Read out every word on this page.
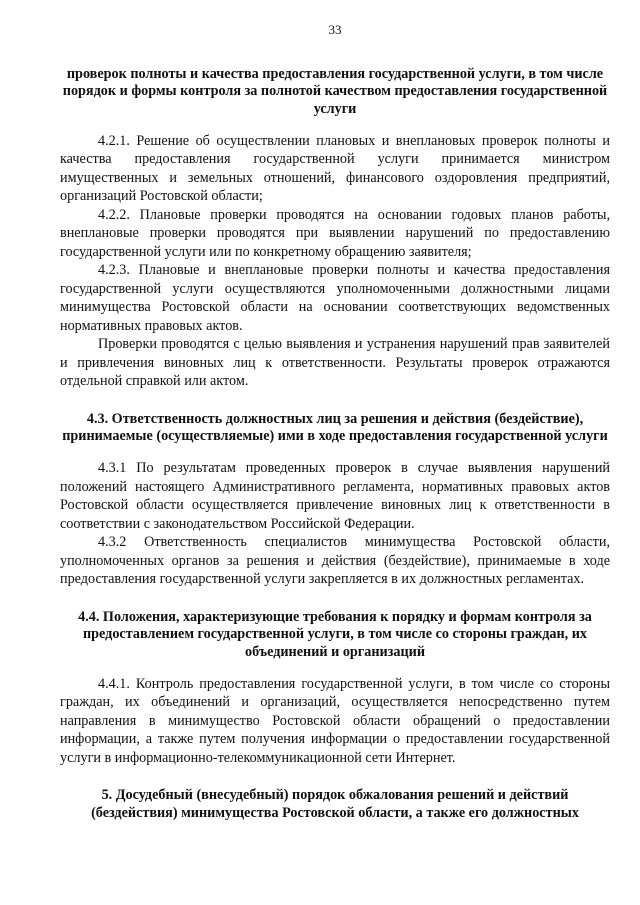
33

проверок полноты и качества предоставления государственной услуги, в том числе порядок и формы контроля за полнотой качеством предоставления государственной услуги

4.2.1. Решение об осуществлении плановых и внеплановых проверок полноты и качества предоставления государственной услуги принимается министром имущественных и земельных отношений, финансового оздоровления предприятий, организаций Ростовской области;

4.2.2. Плановые проверки проводятся на основании годовых планов работы, внеплановые проверки проводятся при выявлении нарушений по предоставлению государственной услуги или по конкретному обращению заявителя;

4.2.3. Плановые и внеплановые проверки полноты и качества предоставления государственной услуги осуществляются уполномоченными должностными лицами минимущества Ростовской области на основании соответствующих ведомственных нормативных правовых актов.

Проверки проводятся с целью выявления и устранения нарушений прав заявителей и привлечения виновных лиц к ответственности. Результаты проверок отражаются отдельной справкой или актом.

4.3. Ответственность должностных лиц за решения и действия (бездействие), принимаемые (осуществляемые) ими в ходе предоставления государственной услуги

4.3.1 По результатам проведенных проверок в случае выявления нарушений положений настоящего Административного регламента, нормативных правовых актов Ростовской области осуществляется привлечение виновных лиц к ответственности в соответствии с законодательством Российской Федерации.

4.3.2 Ответственность специалистов минимущества Ростовской области, уполномоченных органов за решения и действия (бездействие), принимаемые в ходе предоставления государственной услуги закрепляется в их должностных регламентах.

4.4. Положения, характеризующие требования к порядку и формам контроля за предоставлением государственной услуги, в том числе со стороны граждан, их объединений и организаций

4.4.1. Контроль предоставления государственной услуги, в том числе со стороны граждан, их объединений и организаций, осуществляется непосредственно путем направления в минимущество Ростовской области обращений о предоставлении информации, а также путем получения информации о предоставлении государственной услуги в информационно-телекоммуникационной сети Интернет.

5. Досудебный (внесудебный) порядок обжалования решений и действий (бездействия) минимущества Ростовской области, а также его должностных
